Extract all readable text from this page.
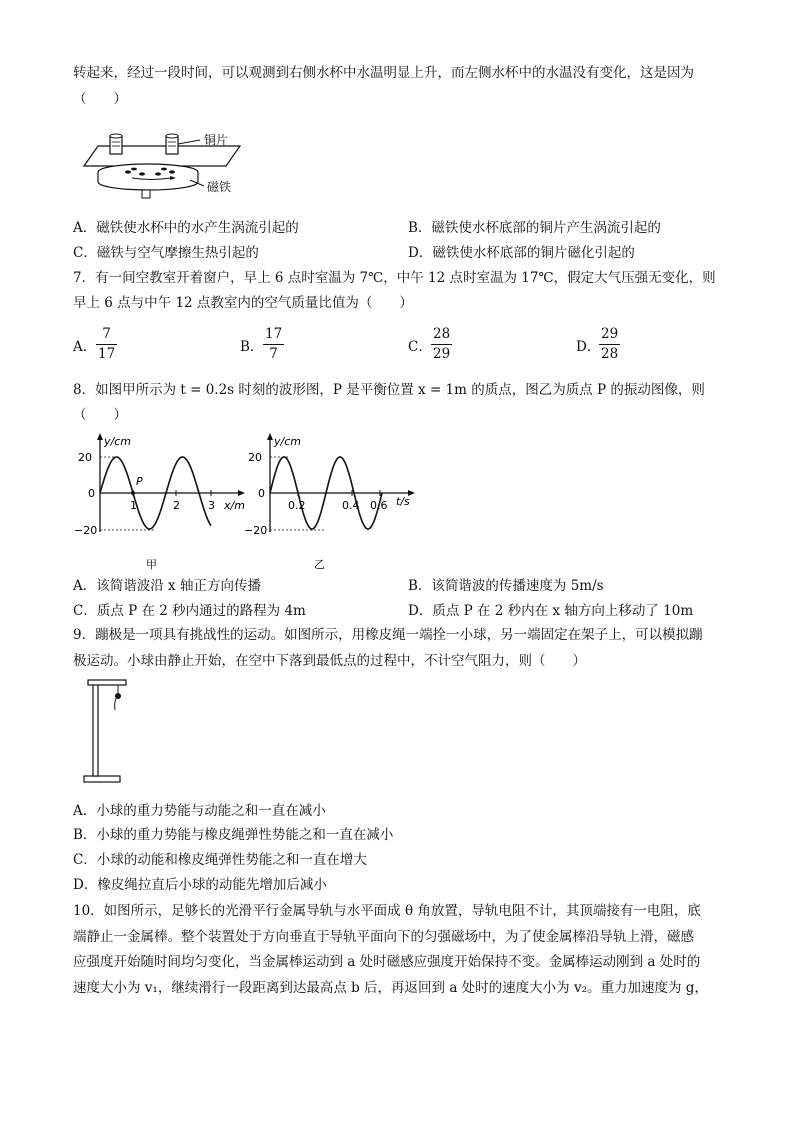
转起来，经过一段时间，可以观测到右侧水杯中水温明显上升，而左侧水杯中的水温没有变化，这是因为
（　　）
铜片
磁铁
A．磁铁使水杯中的水产生涡流引起的	B．磁铁使水杯底部的铜片产生涡流引起的
C．磁铁与空气摩擦生热引起的	D．磁铁使水杯底部的铜片磁化引起的
7．有一间空教室开着窗户，早上 6 点时室温为 7℃，中午 12 点时室温为 17℃，假定大气压强无变化，则
早上 6 点与中午 12 点教室内的空气质量比值为（　　）
A．
7
17	B．
17
7	C．
28
29	D．
29
28
8．如图甲所示为 t = 0.2s 时刻的波形图，P 是平衡位置 x = 1m 的质点，图乙为质点 P 的振动图像，则
（　　）
y/cm
20
0
−20
P
1	2	3 x/m
甲
y/cm
20
0
−20
0.2	0.4 0.6 t/s
乙
A．该简谐波沿 x 轴正方向传播	B．该简谐波的传播速度为 5m/s
C．质点 P 在 2 秒内通过的路程为 4m	D．质点 P 在 2 秒内在 x 轴方向上移动了 10m
9．蹦极是一项具有挑战性的运动。如图所示，用橡皮绳一端拴一小球，另一端固定在架子上，可以模拟蹦
极运动。小球由静止开始，在空中下落到最低点的过程中，不计空气阻力，则（　　）
A．小球的重力势能与动能之和一直在减小
B．小球的重力势能与橡皮绳弹性势能之和一直在减小
C．小球的动能和橡皮绳弹性势能之和一直在增大
D．橡皮绳拉直后小球的动能先增加后减小
10．如图所示，足够长的光滑平行金属导轨与水平面成 θ 角放置，导轨电阻不计，其顶端接有一电阻，底
端静止一金属棒。整个装置处于方向垂直于导轨平面向下的匀强磁场中，为了使金属棒沿导轨上滑，磁感
应强度开始随时间均匀变化，当金属棒运动到 a 处时磁感应强度开始保持不变。金属棒运动刚到 a 处时的
速度大小为 v₁，继续滑行一段距离到达最高点 b 后，再返回到 a 处时的速度大小为 v₂。重力加速度为 g，
